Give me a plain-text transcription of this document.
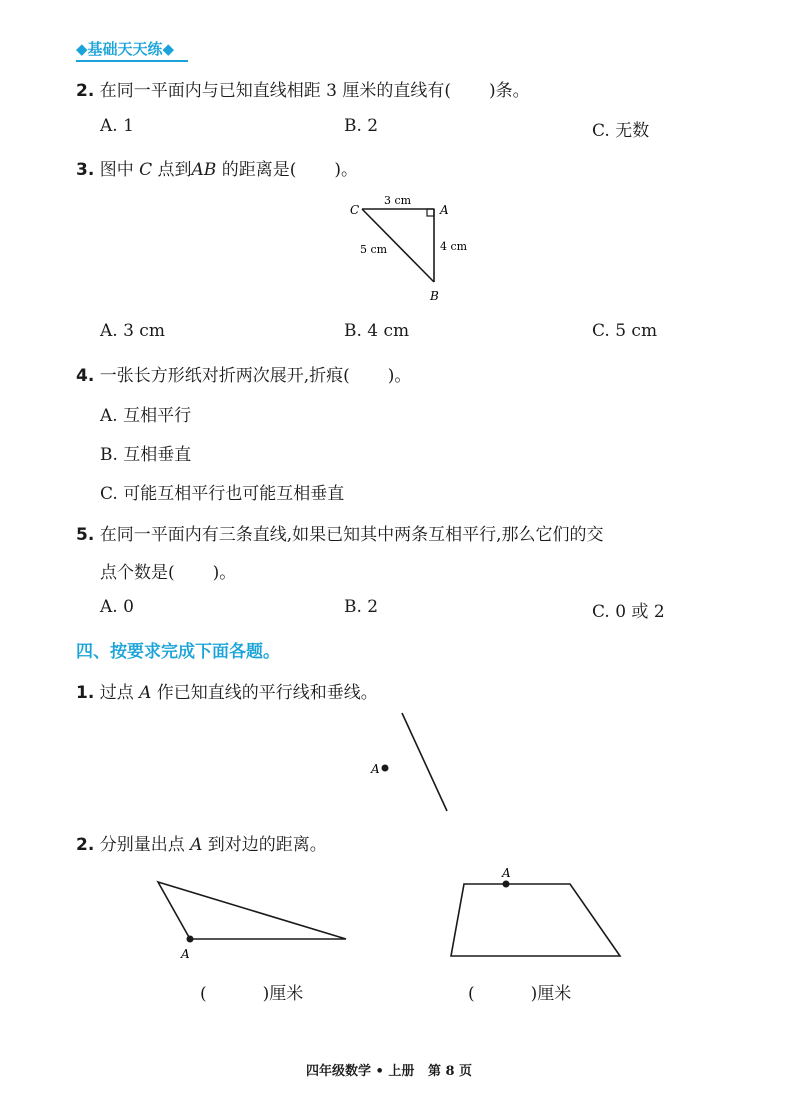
◆基础天天练◆
2. 在同一平面内与已知直线相距 3 厘米的直线有( )条。
A. 1	B. 2	C. 无数
3. 图中 C 点到AB 的距离是( )。
C	A
B
3 cm
4 cm
5 cm
A. 3 cm	B. 4 cm	C. 5 cm
4. 一张长方形纸对折两次展开,折痕( )。
A. 互相平行
B. 互相垂直
C. 可能互相平行也可能互相垂直
5. 在同一平面内有三条直线,如果已知其中两条互相平行,那么它们的交
点个数是( )。
A. 0	B. 2	C. 0 或 2
四、按要求完成下面各题。
1. 过点 A 作已知直线的平行线和垂线。
A
2. 分别量出点 A 到对边的距离。
A
A
(	)厘米	(	)厘米
四年级数学 • 上册   第 8 页
